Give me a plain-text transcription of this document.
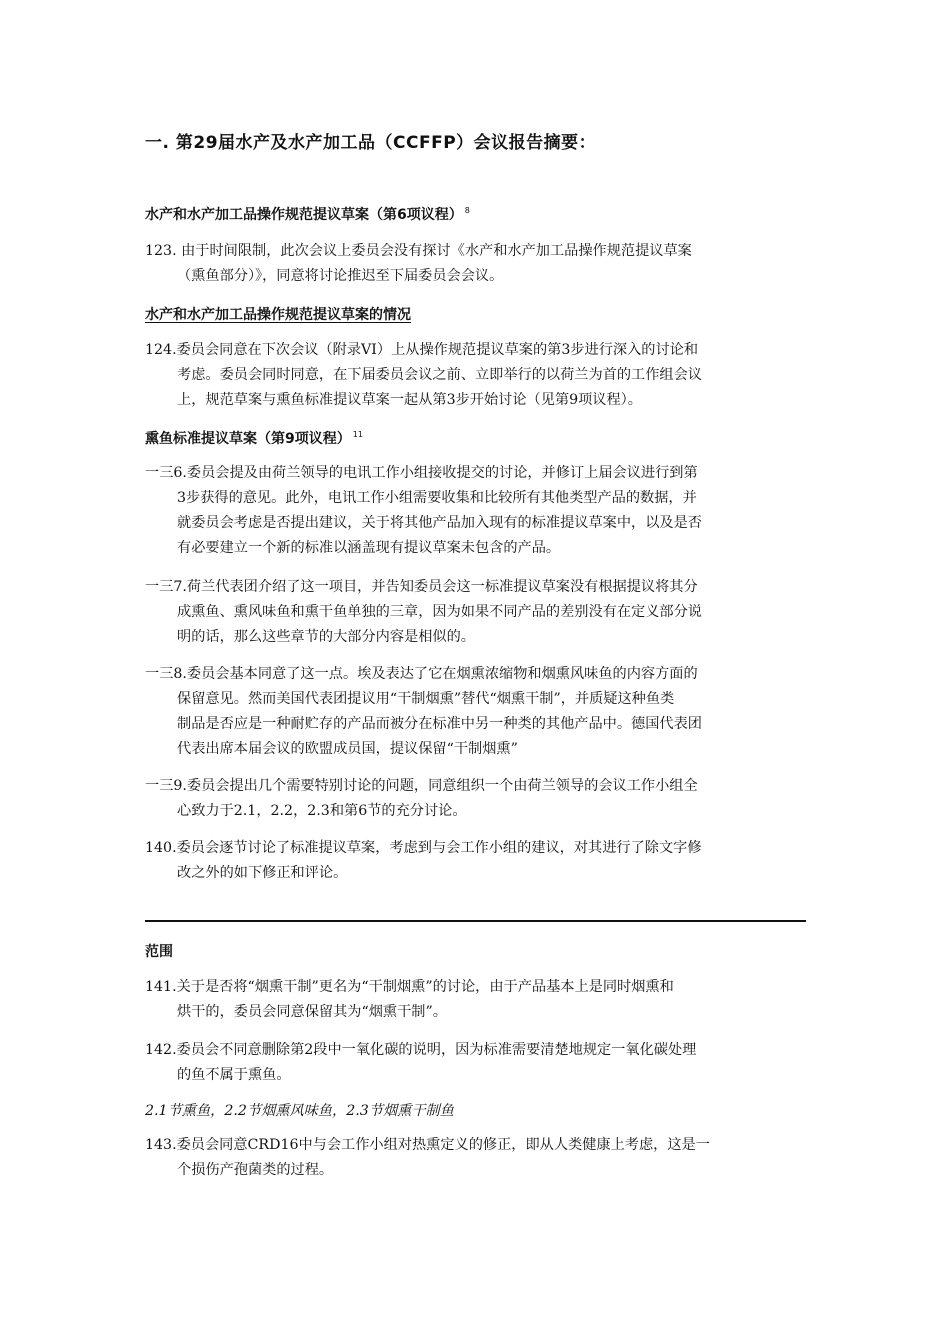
一. 第29届水产及水产加工品（CCFFP）会议报告摘要：
水产和水产加工品操作规范提议草案（第6项议程） $^8$
123. 由于时间限制，此次会议上委员会没有探讨《水产和水产加工品操作规范提议草案
（熏鱼部分）》，同意将讨论推迟至下届委员会会议。
水产和水产加工品操作规范提议草案的情况
124.委员会同意在下次会议（附录VI）上从操作规范提议草案的第3步进行深入的讨论和
考虑。委员会同时同意，在下届委员会议之前、立即举行的以荷兰为首的工作组会议
上，规范草案与熏鱼标准提议草案一起从第3步开始讨论（见第9项议程）。
熏鱼标准提议草案（第9项议程） $^{11}$
一三6.委员会提及由荷兰领导的电讯工作小组接收提交的讨论，并修订上届会议进行到第
3步获得的意见。此外，电讯工作小组需要收集和比较所有其他类型产品的数据，并
就委员会考虑是否提出建议，关于将其他产品加入现有的标准提议草案中，以及是否
有必要建立一个新的标准以涵盖现有提议草案未包含的产品。
一三7.荷兰代表团介绍了这一项目，并告知委员会这一标准提议草案没有根据提议将其分
成熏鱼、熏风味鱼和熏干鱼单独的三章，因为如果不同产品的差别没有在定义部分说
明的话，那么这些章节的大部分内容是相似的。
一三8.委员会基本同意了这一点。埃及表达了它在烟熏浓缩物和烟熏风味鱼的内容方面的
保留意见。然而美国代表团提议用“干制烟熏”替代“烟熏干制”，并质疑这种鱼类
制品是否应是一种耐贮存的产品而被分在标准中另一种类的其他产品中。德国代表团
代表出席本届会议的欧盟成员国，提议保留“干制烟熏”
一三9.委员会提出几个需要特别讨论的问题，同意组织一个由荷兰领导的会议工作小组全
心致力于2.1，2.2，2.3和第6节的充分讨论。
140.委员会逐节讨论了标准提议草案，考虑到与会工作小组的建议，对其进行了除文字修
改之外的如下修正和评论。
范围
141.关于是否将“烟熏干制”更名为“干制烟熏”的讨论，由于产品基本上是同时烟熏和
烘干的，委员会同意保留其为“烟熏干制”。
142.委员会不同意删除第2段中一氧化碳的说明，因为标准需要清楚地规定一氧化碳处理
的鱼不属于熏鱼。
2.1节熏鱼，2.2节烟熏风味鱼，2.3节烟熏干制鱼
143.委员会同意CRD16中与会工作小组对热熏定义的修正，即从人类健康上考虑，这是一
个损伤产孢菌类的过程。
